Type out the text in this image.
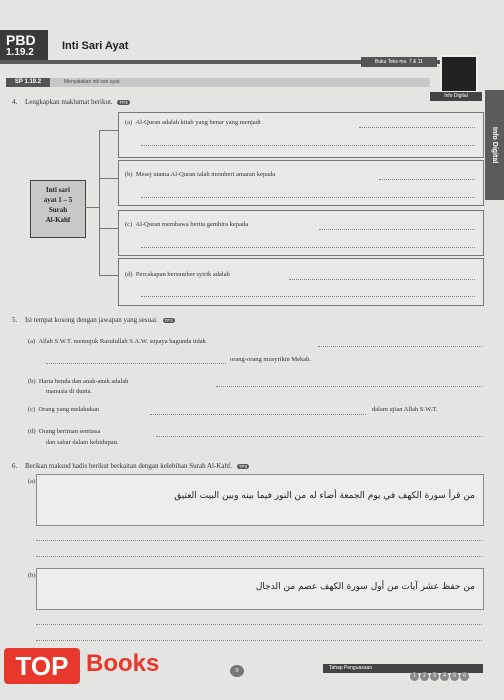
PBD
1.19.2
Inti Sari Ayat
Buku Teks ms. 7 & 11
Info Digital
Info Digital
SP 1.19.2	Menyatakan inti sari ayat.
4. Lengkapkan maklumat berikut. TP3
Inti sari
ayat 1 – 5
Surah
Al-Kahf
(a) Al-Quran adalah kitab yang benar yang menjadi
(b) Mesej utama Al-Quran ialah memberi amaran kepada
(c) Al-Quran membawa berita gembira kepada
(d) Percakapan bersumber syirik adalah
5. Isi tempat kosong dengan jawapan yang sesuai. TP3
(a) Allah S.W.T. memujuk Rasulullah S.A.W. supaya bagunda tidak
orang-orang musyrikin Mekah.
(b) Harta benda dan anak-anak adalah
manusia di dunia.
(c) Orang yang melakukan	dalam ujian Allah S.W.T.
(d) Orang beriman sentiasa
dan sabar dalam kehidupan.
6. Berikan maksud hadis berikut berkaitan dengan kelebihan Surah Al-Kahf. TP3
(a)
من قرأ سورة الكهف في يوم الجمعة أضاء له من النور فيما بينه وبين البيت العتيق
(b)
من حفظ عشر آيات من أول سورة الكهف عصم من الدجال
9	Tahap Penguasaan
1 2 3 4 5 6
TOP Books
